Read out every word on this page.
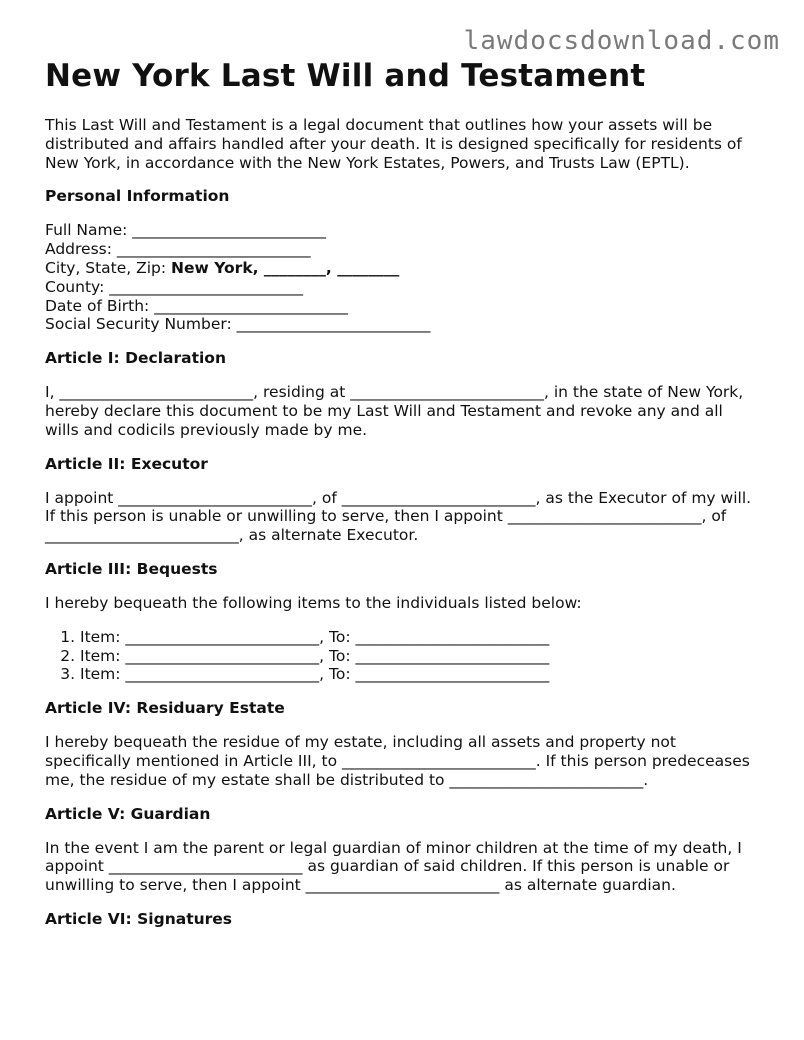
lawdocsdownload.com
New York Last Will and Testament

This Last Will and Testament is a legal document that outlines how your assets will be distributed and affairs handled after your death. It is designed specifically for residents of New York, in accordance with the New York Estates, Powers, and Trusts Law (EPTL).

Personal Information
Full Name: _________________________
Address: _________________________
City, State, Zip: New York, ________, ________
County: _________________________
Date of Birth: _________________________
Social Security Number: _________________________
Article I: Declaration

I, _________________________, residing at _________________________, in the state of New York, hereby declare this document to be my Last Will and Testament and revoke any and all wills and codicils previously made by me.

Article II: Executor

I appoint _________________________, of _________________________, as the Executor of my will. If this person is unable or unwilling to serve, then I appoint _________________________, of _________________________, as alternate Executor.

Article III: Bequests

I hereby bequeath the following items to the individuals listed below:

1. Item: _________________________, To: _________________________
2. Item: _________________________, To: _________________________
3. Item: _________________________, To: _________________________
Article IV: Residuary Estate

I hereby bequeath the residue of my estate, including all assets and property not specifically mentioned in Article III, to _________________________. If this person predeceases me, the residue of my estate shall be distributed to _________________________.

Article V: Guardian

In the event I am the parent or legal guardian of minor children at the time of my death, I appoint _________________________ as guardian of said children. If this person is unable or unwilling to serve, then I appoint _________________________ as alternate guardian.

Article VI: Signatures
